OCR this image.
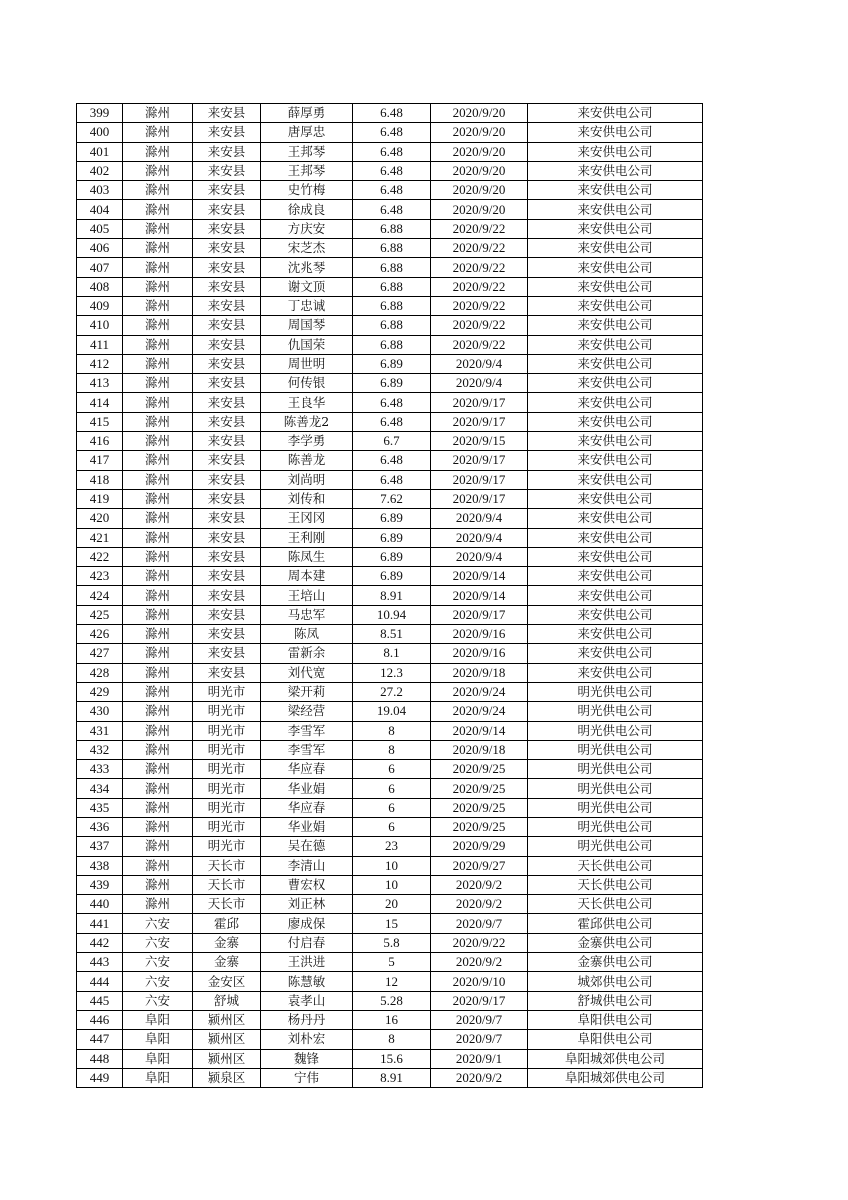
399	滁州	来安县	薛厚勇	6.48	2020/9/20	来安供电公司
400	滁州	来安县	唐厚忠	6.48	2020/9/20	来安供电公司
401	滁州	来安县	王邦琴	6.48	2020/9/20	来安供电公司
402	滁州	来安县	王邦琴	6.48	2020/9/20	来安供电公司
403	滁州	来安县	史竹梅	6.48	2020/9/20	来安供电公司
404	滁州	来安县	徐成良	6.48	2020/9/20	来安供电公司
405	滁州	来安县	方庆安	6.88	2020/9/22	来安供电公司
406	滁州	来安县	宋芝杰	6.88	2020/9/22	来安供电公司
407	滁州	来安县	沈兆琴	6.88	2020/9/22	来安供电公司
408	滁州	来安县	谢文顶	6.88	2020/9/22	来安供电公司
409	滁州	来安县	丁忠诚	6.88	2020/9/22	来安供电公司
410	滁州	来安县	周国琴	6.88	2020/9/22	来安供电公司
411	滁州	来安县	仇国荣	6.88	2020/9/22	来安供电公司
412	滁州	来安县	周世明	6.89	2020/9/4	来安供电公司
413	滁州	来安县	何传银	6.89	2020/9/4	来安供电公司
414	滁州	来安县	王良华	6.48	2020/9/17	来安供电公司
415	滁州	来安县	陈善龙2	6.48	2020/9/17	来安供电公司
416	滁州	来安县	李学勇	6.7	2020/9/15	来安供电公司
417	滁州	来安县	陈善龙	6.48	2020/9/17	来安供电公司
418	滁州	来安县	刘尚明	6.48	2020/9/17	来安供电公司
419	滁州	来安县	刘传和	7.62	2020/9/17	来安供电公司
420	滁州	来安县	王冈冈	6.89	2020/9/4	来安供电公司
421	滁州	来安县	王利刚	6.89	2020/9/4	来安供电公司
422	滁州	来安县	陈凤生	6.89	2020/9/4	来安供电公司
423	滁州	来安县	周本建	6.89	2020/9/14	来安供电公司
424	滁州	来安县	王培山	8.91	2020/9/14	来安供电公司
425	滁州	来安县	马忠军	10.94	2020/9/17	来安供电公司
426	滁州	来安县	陈凤	8.51	2020/9/16	来安供电公司
427	滁州	来安县	雷新余	8.1	2020/9/16	来安供电公司
428	滁州	来安县	刘代宽	12.3	2020/9/18	来安供电公司
429	滁州	明光市	梁开莉	27.2	2020/9/24	明光供电公司
430	滁州	明光市	梁经营	19.04	2020/9/24	明光供电公司
431	滁州	明光市	李雪军	8	2020/9/14	明光供电公司
432	滁州	明光市	李雪军	8	2020/9/18	明光供电公司
433	滁州	明光市	华应春	6	2020/9/25	明光供电公司
434	滁州	明光市	华业娟	6	2020/9/25	明光供电公司
435	滁州	明光市	华应春	6	2020/9/25	明光供电公司
436	滁州	明光市	华业娟	6	2020/9/25	明光供电公司
437	滁州	明光市	吴在德	23	2020/9/29	明光供电公司
438	滁州	天长市	李清山	10	2020/9/27	天长供电公司
439	滁州	天长市	曹宏权	10	2020/9/2	天长供电公司
440	滁州	天长市	刘正林	20	2020/9/2	天长供电公司
441	六安	霍邱	廖成保	15	2020/9/7	霍邱供电公司
442	六安	金寨	付启春	5.8	2020/9/22	金寨供电公司
443	六安	金寨	王洪进	5	2020/9/2	金寨供电公司
444	六安	金安区	陈慧敏	12	2020/9/10	城郊供电公司
445	六安	舒城	袁孝山	5.28	2020/9/17	舒城供电公司
446	阜阳	颍州区	杨丹丹	16	2020/9/7	阜阳供电公司
447	阜阳	颍州区	刘朴宏	8	2020/9/7	阜阳供电公司
448	阜阳	颍州区	魏锋	15.6	2020/9/1	阜阳城郊供电公司
449	阜阳	颍泉区	宁伟	8.91	2020/9/2	阜阳城郊供电公司
